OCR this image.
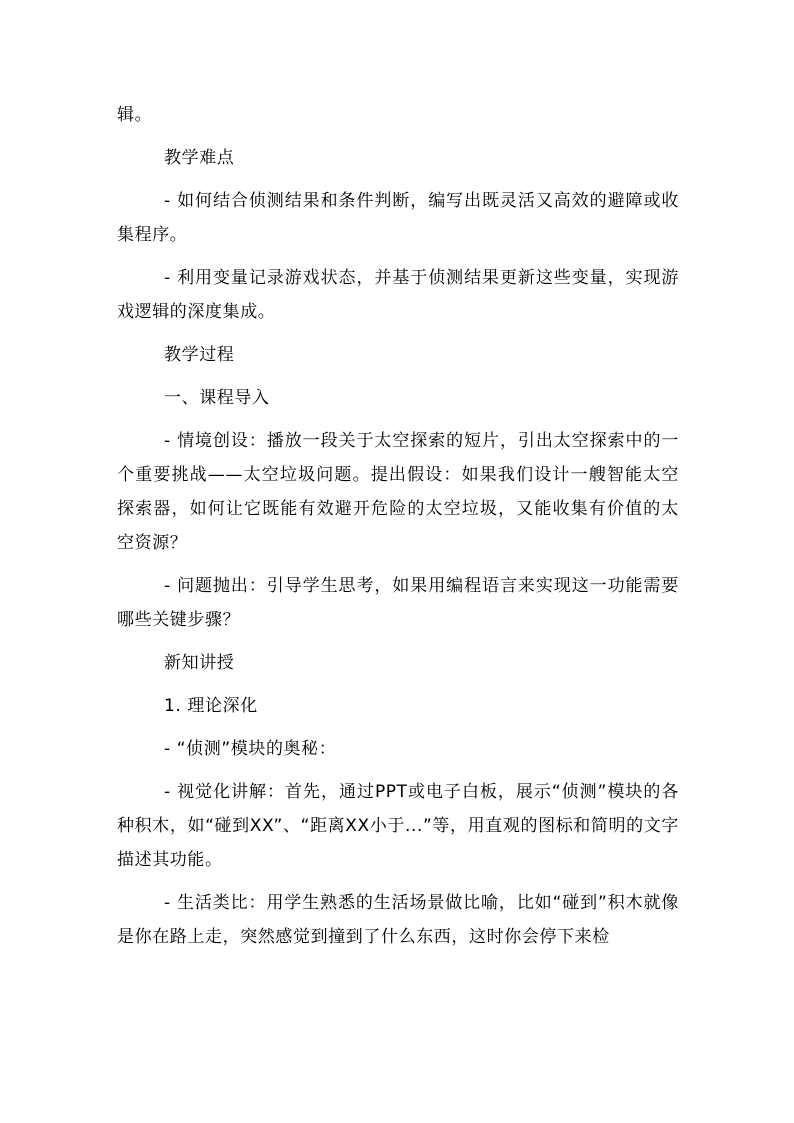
辑。

教学难点

- 如何结合侦测结果和条件判断，编写出既灵活又高效的避障或收集程序。

- 利用变量记录游戏状态，并基于侦测结果更新这些变量，实现游戏逻辑的深度集成。

教学过程

一、课程导入

- 情境创设：播放一段关于太空探索的短片，引出太空探索中的一个重要挑战——太空垃圾问题。提出假设：如果我们设计一艘智能太空探索器，如何让它既能有效避开危险的太空垃圾，又能收集有价值的太空资源？

- 问题抛出：引导学生思考，如果用编程语言来实现这一功能需要哪些关键步骤？

新知讲授

1. 理论深化

- “侦测”模块的奥秘：

- 视觉化讲解：首先，通过PPT或电子白板，展示“侦测”模块的各种积木，如“碰到XX”、“距离XX小于...”等，用直观的图标和简明的文字描述其功能。

- 生活类比：用学生熟悉的生活场景做比喻，比如“碰到”积木就像是你在路上走，突然感觉到撞到了什么东西，这时你会停下来检
